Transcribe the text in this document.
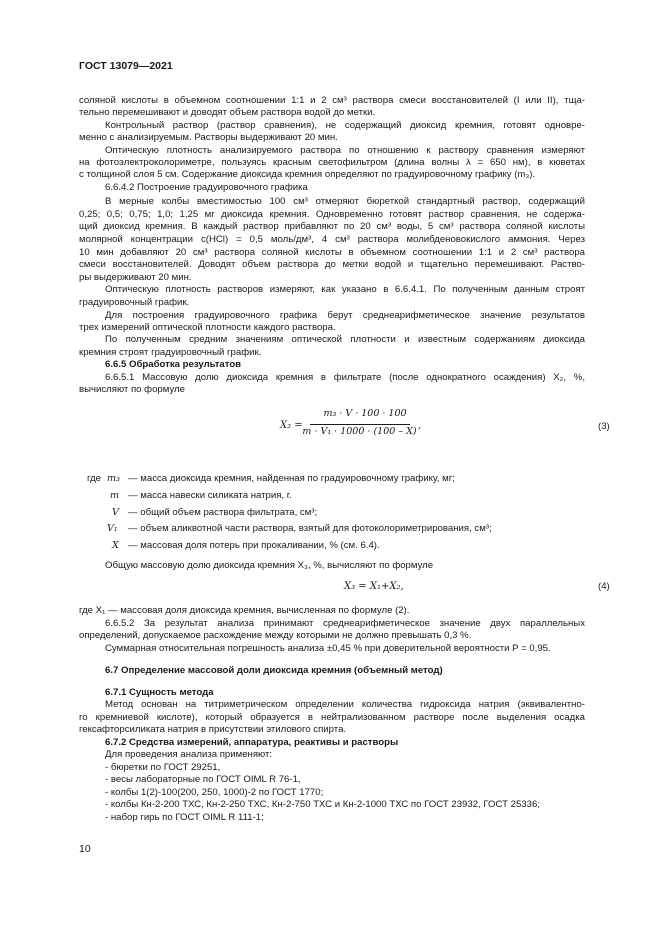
ГОСТ 13079—2021
соляной кислоты в объемном соотношении 1:1 и 2 см³ раствора смеси восстановителей (I или II), тща-
тельно перемешивают и доводят объем раствора водой до метки.
Контрольный раствор (раствор сравнения), не содержащий диоксид кремния, готовят одновре-
менно с анализируемым. Растворы выдерживают 20 мин.
Оптическую плотность анализируемого раствора по отношению к раствору сравнения измеряют
на фотоэлектроколориметре, пользуясь красным светофильтром (длина волны λ = 650 нм), в кюветах
с толщиной слоя 5 см. Содержание диоксида кремния определяют по градуировочному графику (m₃).
6.6.4.2 Построение градуировочного графика
В мерные колбы вместимостью 100 см³ отмеряют бюреткой стандартный раствор, содержащий
0,25; 0,5; 0,75; 1,0; 1,25 мг диоксида кремния. Одновременно готовят раствор сравнения, не содержа-
щий диоксид кремния. В каждый раствор прибавляют по 20 см³ воды, 5 см³ раствора соляной кислоты
молярной концентрации c(HCl) = 0,5 моль/дм³, 4 см³ раствора молибденовокислого аммония. Через
10 мин добавляют 20 см³ раствора соляной кислоты в объемном соотношении 1:1 и 2 см³ раствора
смеси восстановителей. Доводят объем раствора до метки водой и тщательно перемешивают. Раство-
ры выдерживают 20 мин.
Оптическую плотность растворов измеряют, как указано в 6.6.4.1. По полученным данным строят
градуировочный график.
Для построения градуировочного графика берут среднеарифметическое значение результатов
трех измерений оптической плотности каждого раствора.
По полученным средним значениям оптической плотности и известным содержаниям диоксида
кремния строят градуировочный график.
6.6.5 Обработка результатов
6.6.5.1 Массовую долю диоксида кремния в фильтрате (после однократного осаждения) X₂, %,
вычисляют по формуле
X₂ =
m₃ · V · 100 · 100
m · V₁ · 1000 · (100 – X)
,	(3)
где m₃ — масса диоксида кремния, найденная по градуировочному графику, мг;
m — масса навески силиката натрия, г.
V — общий объем раствора фильтрата, см³;
V₁ — объем аликвотной части раствора, взятый для фотоколориметрирования, см³;
X — массовая доля потерь при прокаливании, % (см. 6.4).
Общую массовую долю диоксида кремния X₃, %, вычисляют по формуле
X₃ = X₁+X₂,	(4)
где X₁ — массовая доля диоксида кремния, вычисленная по формуле (2).
6.6.5.2 За результат анализа принимают среднеарифметическое значение двух параллельных
определений, допускаемое расхождение между которыми не должно превышать 0,3 %.
Суммарная относительная погрешность анализа ±0,45 % при доверительной вероятности P = 0,95.
6.7 Определение массовой доли диоксида кремния (объемный метод)
6.7.1 Сущность метода
Метод основан на титриметрическом определении количества гидроксида натрия (эквивалентно-
го кремниевой кислоте), который образуется в нейтрализованном растворе после выделения осадка
гексафторсиликата натрия в присутствии этилового спирта.
6.7.2 Средства измерений, аппаратура, реактивы и растворы
Для проведения анализа применяют:
- бюретки по ГОСТ 29251,
- весы лабораторные по ГОСТ OIML R 76-1,
- колбы 1(2)-100(200, 250, 1000)-2 по ГОСТ 1770;
- колбы Кн-2-200 ТХС, Кн-2-250 ТХС, Кн-2-750 ТХС и Кн-2-1000 ТХС по ГОСТ 23932, ГОСТ 25336;
- набор гирь по ГОСТ OIML R 111-1;
10
